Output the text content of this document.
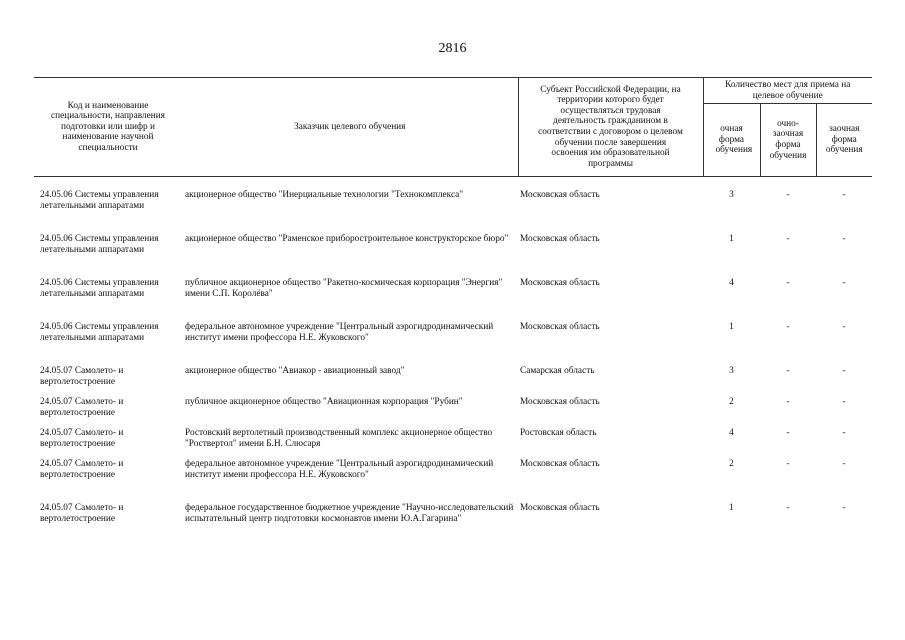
2816
Код и наименование специальности, направления подготовки или шифр и наименование научной специальности	Заказчик целевого обучения	Субъект Российской Федерации, на территории которого будет осуществляться трудовая деятельность гражданином в соответствии с договором о целевом обучении после завершения освоения им образовательной программы	Количество мест для приема на целевое обучение		
			очная форма обучения	очно-заочная форма обучения	заочная форма обучения

24.05.06 Системы управления летательными аппаратами	акционерное общество "Инерциальные технологии "Технокомплекса"	Московская область	3	-	-
24.05.06 Системы управления летательными аппаратами	акционерное общество "Раменское приборостроительное конструкторское бюро"	Московская область	1	-	-
24.05.06 Системы управления летательными аппаратами	публичное акционерное общество "Ракетно-космическая корпорация "Энергия" имени С.П. Королёва"	Московская область	4	-	-
24.05.06 Системы управления летательными аппаратами	федеральное автономное учреждение "Центральный аэрогидродинамический институт имени профессора Н.Е. Жуковского"	Московская область	1	-	-
24.05.07 Самолето- и вертолетостроение	акционерное общество "Авиакор - авиационный завод"	Самарская область	3	-	-
24.05.07 Самолето- и вертолетостроение	публичное акционерное общество "Авиационная корпорация "Рубин"	Московская область	2	-	-
24.05.07 Самолето- и вертолетостроение	Ростовский вертолетный производственный комплекс акционерное общество "Роствертол" имени Б.Н. Слюсаря	Ростовская область	4	-	-
24.05.07 Самолето- и вертолетостроение	федеральное автономное учреждение "Центральный аэрогидродинамический институт имени профессора Н.Е. Жуковского"	Московская область	2	-	-
24.05.07 Самолето- и вертолетостроение	федеральное государственное бюджетное учреждение "Научно-исследовательский испытательный центр подготовки космонавтов имени Ю.А.Гагарина"	Московская область	1	-	-
